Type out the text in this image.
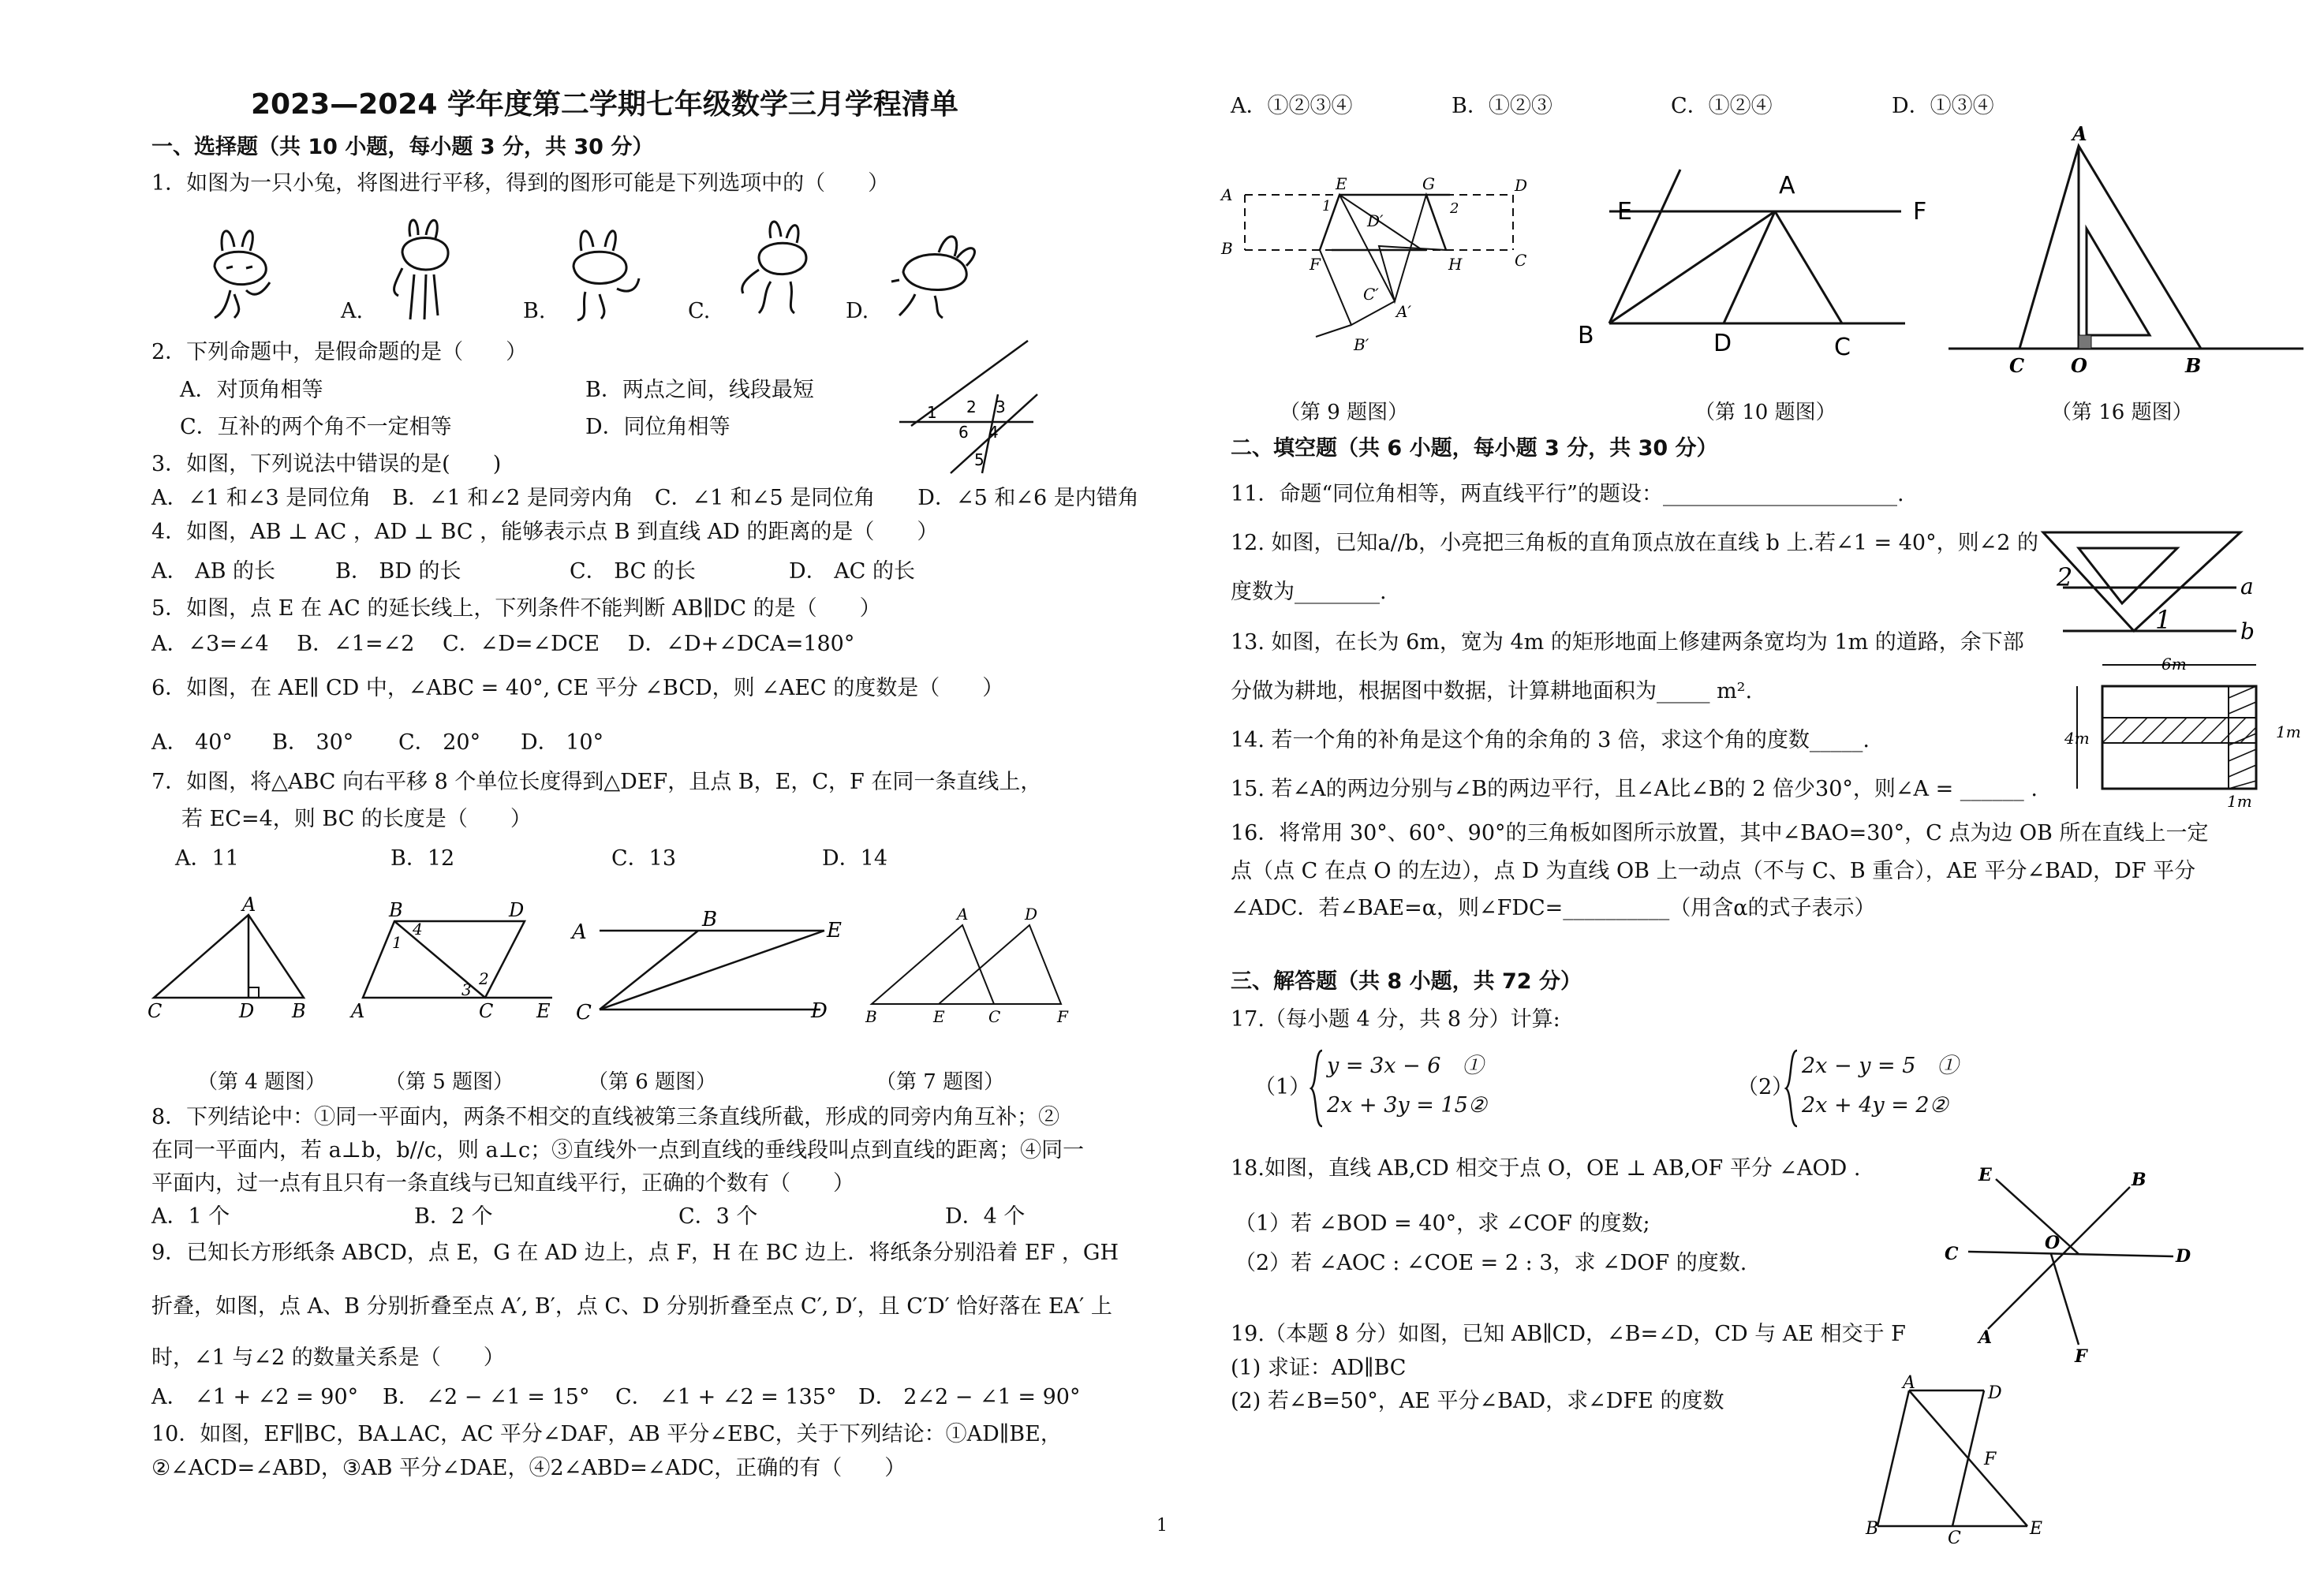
2023—2024 学年度第二学期七年级数学三月学程清单
一、选择题（共 10 小题，每小题 3 分，共 30 分）
1．如图为一只小兔，将图进行平移，得到的图形可能是下列选项中的（　　）
A.	B.	C.	D.
2．下列命题中，是假命题的是（　　）
A．对顶角相等	B．两点之间，线段最短
C．互补的两个角不一定相等	D．同位角相等
1 2 3
4
5
6
3．如图，下列说法中错误的是(　　)
A．∠1 和∠3 是同位角　B．∠1 和∠2 是同旁内角　C．∠1 和∠5 是同位角　　D．∠5 和∠6 是内错角
4．如图，AB ⊥ AC ，AD ⊥ BC ，能够表示点 B 到直线 AD 的距离的是（　　）
A． AB 的长	B． BD 的长	C． BC 的长	D． AC 的长
5．如图，点 E 在 AC 的延长线上，下列条件不能判断 AB∥DC 的是（　　）
A．∠3=∠4　 B．∠1=∠2　 C．∠D=∠DCE　 D．∠D+∠DCA=180°
6．如图，在 AE∥ CD 中，∠ABC = 40°, CE 平分 ∠BCD，则 ∠AEC 的度数是（　　）
A． 40° B． 30° C． 20° D． 10°
7．如图，将△ABC 向右平移 8 个单位长度得到△DEF，且点 B，E，C，F 在同一条直线上，
若 EC=4，则 BC 的长度是（　　）
A．11	B．12	C．13	D．14
A
C	D B
B	D
1
4
2
3
A	C E
A
B	E
C	D
A	D
B	E	C	F
（第 4 题图）	（第 5 题图）	（第 6 题图）	（第 7 题图）
8．下列结论中：①同一平面内，两条不相交的直线被第三条直线所截，形成的同旁内角互补；②
在同一平面内，若 a⊥b，b//c，则 a⊥c；③直线外一点到直线的垂线段叫点到直线的距离；④同一
平面内，过一点有且只有一条直线与已知直线平行，正确的个数有（　　）
A．1 个	B．2 个	C．3 个	D．4 个
9．已知长方形纸条 ABCD，点 E，G 在 AD 边上，点 F，H 在 BC 边上．将纸条分别沿着 EF ，GH
折叠，如图，点 A、B 分别折叠至点 A′, B′，点 C、D 分别折叠至点 C′, D′，且 C′D′ 恰好落在 EA′ 上
时，∠1 与∠2 的数量关系是（　　）
A． ∠1 + ∠2 = 90° B． ∠2 − ∠1 = 15° C． ∠1 + ∠2 = 135° D． 2∠2 − ∠1 = 90°
10．如图，EF∥BC，BA⊥AC，AC 平分∠DAF，AB 平分∠EBC，关于下列结论：①AD∥BE，
②∠ACD=∠ABD，③AB 平分∠DAE，④2∠ABD=∠ADC，正确的有（　　）
1
A．①②③④	B．①②③	C．①②④	D．①③④
A
E	G	D
B
F	H	C
D′
C′
A′
B′
1	2	E
A
F
B	D	C
A
C O	B
（第 9 题图）	（第 10 题图）	（第 16 题图）
二、填空题（共 6 小题，每小题 3 分，共 30 分）
11．命题“同位角相等，两直线平行”的题设：______________________.
12. 如图，已知a//b，小亮把三角板的直角顶点放在直线 b 上.若∠1 = 40°，则∠2 的
度数为________.
13. 如图，在长为 6m，宽为 4m 的矩形地面上修建两条宽均为 1m 的道路，余下部
分做为耕地，根据图中数据，计算耕地面积为_____ m².
14. 若一个角的补角是这个角的余角的 3 倍，求这个角的度数_____.
15. 若∠A的两边分别与∠B的两边平行，且∠A比∠B的 2 倍少30°，则∠A = ______ .
16．将常用 30°、60°、90°的三角板如图所示放置，其中∠BAO=30°，C 点为边 OB 所在直线上一定
点（点 C 在点 O 的左边），点 D 为直线 OB 上一动点（不与 C、B 重合），AE 平分∠BAD，DF 平分
∠ADC．若∠BAE=α，则∠FDC=__________（用含α的式子表示）
2
1
a
b
6m
4m	1m
1m
三、解答题（共 8 小题，共 72 分）
17.（每小题 4 分，共 8 分）计算:
（1）
y = 3x − 6　①
2x + 3y = 15②
（2）
2x − y = 5　①
2x + 4y = 2②
18.如图，直线 AB,CD 相交于点 O，OE ⊥ AB,OF 平分 ∠AOD .
（1）若 ∠BOD = 40°，求 ∠COF 的度数;
（2）若 ∠AOC : ∠COE = 2 : 3，求 ∠DOF 的度数.
E	B
O
C	D
A
F
19.（本题 8 分）如图，已知 AB∥CD，∠B=∠D，CD 与 AE 相交于 F
(1) 求证：AD∥BC
(2) 若∠B=50°，AE 平分∠BAD，求∠DFE 的度数
A
D
F
B	C	E
